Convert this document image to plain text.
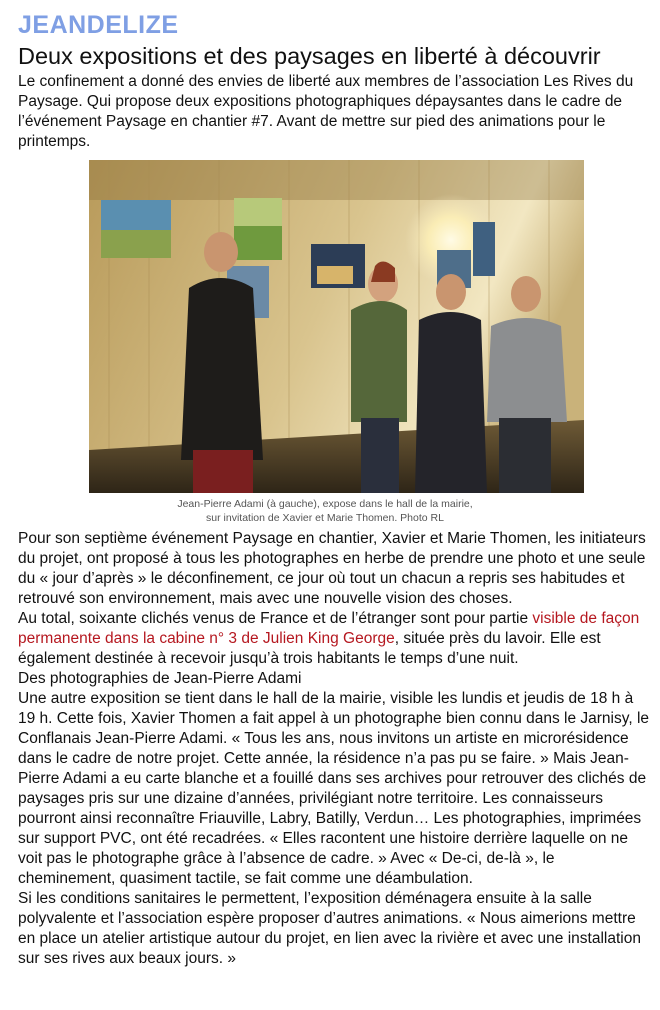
JEANDELIZE
Deux expositions et des paysages en liberté à découvrir

Le confinement a donné des envies de liberté aux membres de l’association Les Rives du Paysage. Qui propose deux expositions photographiques dépaysantes dans le cadre de l’événement Paysage en chantier #7. Avant de mettre sur pied des animations pour le printemps.

Jean-Pierre Adami (à gauche), expose dans le hall de la mairie,
sur invitation de Xavier et Marie Thomen. Photo RL

Pour son septième événement Paysage en chantier, Xavier et Marie Thomen, les initiateurs du projet, ont proposé à tous les photographes en herbe de prendre une photo et une seule du « jour d’après » le déconfinement, ce jour où tout un chacun a repris ses habitudes et retrouvé son environnement, mais avec une nouvelle vision des choses.

Au total, soixante clichés venus de France et de l’étranger sont pour partie visible de façon permanente dans la cabine n° 3 de Julien King George, située près du lavoir. Elle est également destinée à recevoir jusqu’à trois habitants le temps d’une nuit.

Des photographies de Jean-Pierre Adami

Une autre exposition se tient dans le hall de la mairie, visible les lundis et jeudis de 18 h à 19 h. Cette fois, Xavier Thomen a fait appel à un photographe bien connu dans le Jarnisy, le Conflanais Jean-Pierre Adami. « Tous les ans, nous invitons un artiste en microrésidence dans le cadre de notre projet. Cette année, la résidence n’a pas pu se faire. » Mais Jean-Pierre Adami a eu carte blanche et a fouillé dans ses archives pour retrouver des clichés de paysages pris sur une dizaine d’années, privilégiant notre territoire. Les connaisseurs pourront ainsi reconnaître Friauville, Labry, Batilly, Verdun… Les photographies, imprimées sur support PVC, ont été recadrées. « Elles racontent une histoire derrière laquelle on ne voit pas le photographe grâce à l’absence de cadre. » Avec « De-ci, de-là », le cheminement, quasiment tactile, se fait comme une déambulation.

Si les conditions sanitaires le permettent, l’exposition déménagera ensuite à la salle polyvalente et l’association espère proposer d’autres animations. « Nous aimerions mettre en place un atelier artistique autour du projet, en lien avec la rivière et avec une installation sur ses rives aux beaux jours. »
